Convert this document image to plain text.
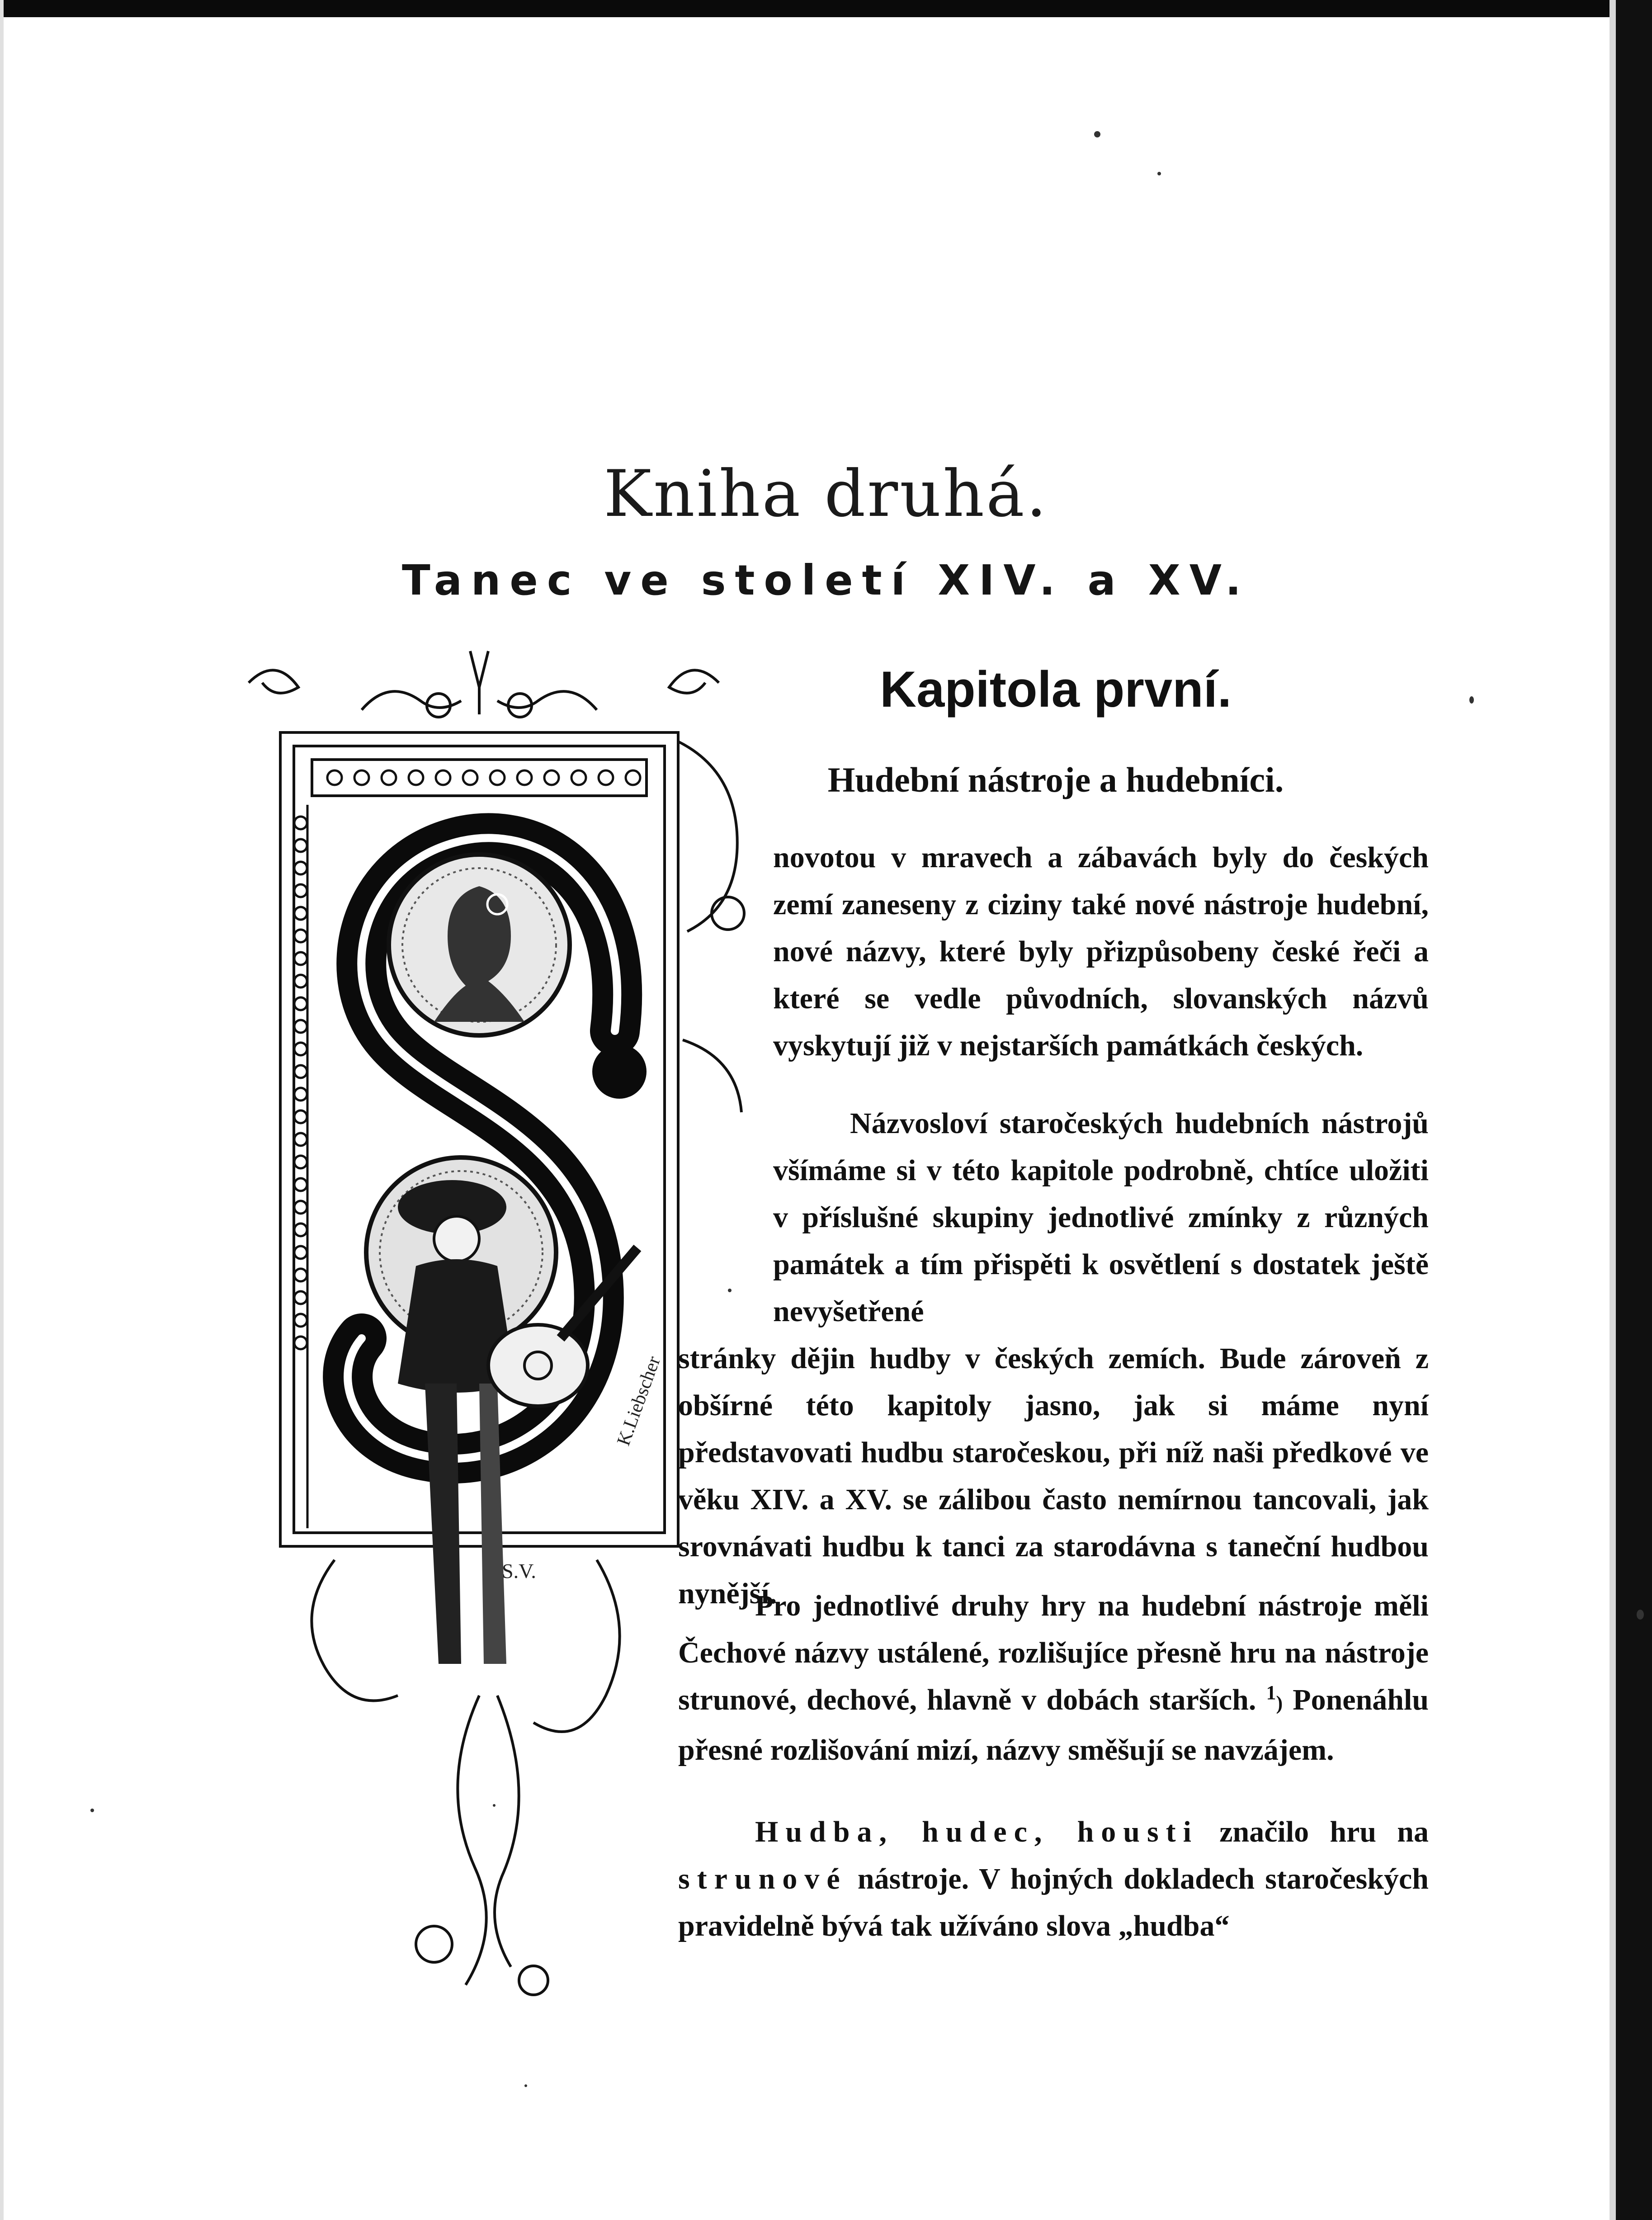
Kniha druhá.
Tanec ve století XIV. a XV.
Kapitola první.
Hudební nástroje a hudebníci.
K.Liebscher
S.V.

novotou v mravech a zábavách byly do českých zemí zaneseny z ciziny také nové nástroje hudební, nové názvy, které byly přizpůsobeny české řeči a které se vedle původních, slovanských názvů vyskytují již v nejstarších památkách českých.

Názvosloví staročeských hudebních nástrojů všímáme si v této kapitole podrobně, chtíce uložiti v příslušné skupiny jednotlivé zmínky z různých památek a tím přispěti k osvětlení s dostatek ještě nevyšetřené
stránky dějin hudby v českých zemích. Bude zároveň z obšírné této kapitoly jasno, jak si máme nyní představovati hudbu staročeskou, při níž naši předkové ve věku XIV. a XV. se zálibou často nemírnou tancovali, jak srovnávati hudbu k tanci za starodávna s taneční hudbou nynější.

Pro jednotlivé druhy hry na hudební nástroje měli Čechové názvy ustálené, rozlišujíce přesně hru na nástroje strunové, dechové, hlavně v dobách starších. $^1$) Ponenáhlu přesné rozlišování mizí, názvy směšují se navzájem.

Hudba, hudec, housti značilo hru na strunové nástroje. V hojných dokladech staročeských pravidelně bývá tak užíváno slova „hudba“
